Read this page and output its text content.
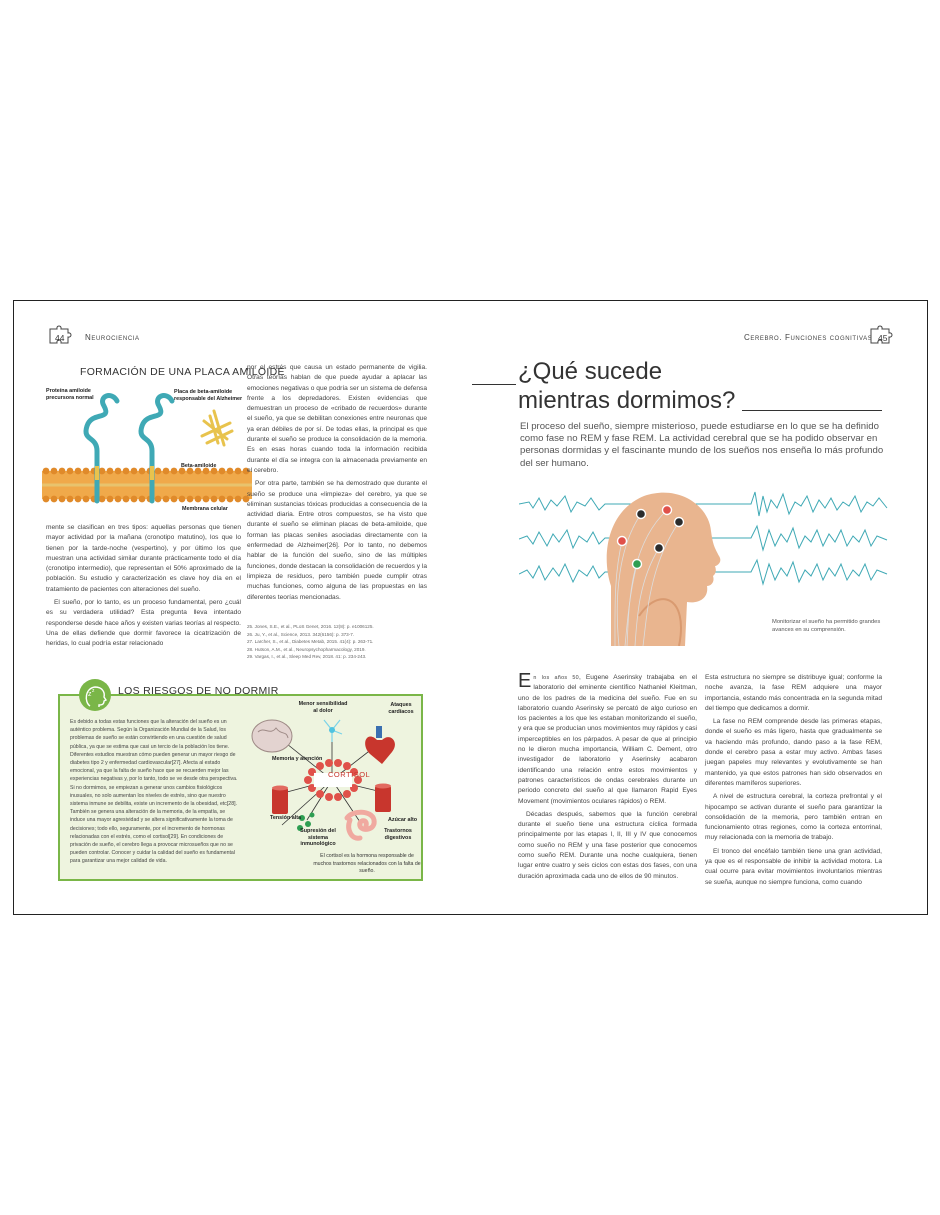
44	Neurociencia
FORMACIÓN DE UNA PLACA AMILOIDE
Proteína amiloide precursora normal
Placa de beta-amiloide responsable del Alzheimer
Beta-amiloide
Membrana celular

mente se clasifican en tres tipos: aquellas personas que tienen mayor actividad por la mañana (cronotipo matutino), los que lo tienen por la tarde-noche (vespertino), y por último los que muestran una actividad similar durante prácticamente todo el día (cronotipo intermedio), que representan el 50% aproximado de la población. Su estudio y caracterización es clave hoy día en el tratamiento de pacientes con alteraciones del sueño.

El sueño, por lo tanto, es un proceso fundamental, pero ¿cuál es su verdadera utilidad? Esta pregunta lleva intentado responderse desde hace años y existen varias teorías al respecto. Una de ellas defiende que dormir favorece la cicatrización de heridas, lo cual podría estar relacionado

por el estrés que causa un estado permanente de vigilia. Otras teorías hablan de que puede ayudar a aplacar las emociones negativas o que podría ser un sistema de defensa frente a los depredadores. Existen evidencias que demuestran un proceso de «cribado de recuerdos» durante el sueño, ya que se debilitan conexiones entre neuronas que ya eran débiles de por sí. De todas ellas, la principal es que durante el sueño se produce la consolidación de la memoria. Es en esas horas cuando toda la información recibida durante el día se integra con la almacenada previamente en el cerebro.

Por otra parte, también se ha demostrado que durante el sueño se produce una «limpieza» del cerebro, ya que se eliminan sustancias tóxicas producidas a consecuencia de la actividad diaria. Entre otros compuestos, se ha visto que durante el sueño se eliminan placas de beta-amiloide, que forman las placas seniles asociadas directamente con la enfermedad de Alzheimer[26]. Por lo tanto, no debemos hablar de la función del sueño, sino de las múltiples funciones, donde destacan la consolidación de recuerdos y la limpieza de residuos, pero también puede cumplir otras muchas funciones, como alguna de las propuestas en las diferentes teorías mencionadas.

25. Jones, S.E., et al., PLoS Genet, 2016. 12(8): p. e1006125.
26. Ju, Y., et al., Science, 2013. 342(6156): p. 373-7.
27. Larcher, S., et al., Diabetes Metab, 2015. 41(4): p. 263-71.
28. Hutson, A.M., et al., Neuropsychopharmacology, 2019.
29. Vargas, I., et al., Sleep Med Rev, 2018. 41: p. 234-243.
z z LOS RIESGOS DE NO DORMIR
Es debido a todas estas funciones que la alteración del sueño es un auténtico problema. Según la Organización Mundial de la Salud, los problemas de sueño se están convirtiendo en una cuestión de salud pública, ya que se estima que casi un tercio de la población los tiene. Diferentes estudios muestran cómo pueden generar un mayor riesgo de diabetes tipo 2 y enfermedad cardiovascular[27]. Afecta al estado emocional, ya que la falta de sueño hace que se recuerden mejor las experiencias negativas y, por lo tanto, todo se ve desde otra perspectiva. Si no dormimos, se empiezan a generar unos cambios fisiológicos inusuales, no solo aumentan los niveles de estrés, sino que nuestro sistema inmune se debilita, existe un incremento de la obesidad, etc[28]. También se genera una alteración de la memoria, de la empatía, se induce una mayor agresividad y se altera significativamente la toma de decisiones; todo ello, seguramente, por el incremento de hormonas relacionadas con el estrés, como el cortisol[29]. En condiciones de privación de sueño, el cerebro llega a provocar microsueños que no se pueden controlar. Conocer y cuidar la calidad del sueño es fundamental para garantizar una mejor calidad de vida.
CORTISOL
Menor sensibilidad al dolor
Ataques cardíacos
Memoria y atención
Azúcar alto
Tensión alta
Supresión del sistema inmunológico
Trastornos digestivos
El cortisol es la hormona responsable de muchos trastornos relacionados con la falta de sueño.
Cerebro. Funciones cognitivas 45
¿Qué sucede
mientras dormimos?
El proceso del sueño, siempre misterioso, puede estudiarse en lo que se ha definido como fase no REM y fase REM. La actividad cerebral que se ha podido observar en personas dormidas y el fascinante mundo de los sueños nos enseña lo más profundo del ser humano.
Monitorizar el sueño ha permitido grandes avances en su comprensión.

En los años 50, Eugene Aserinsky trabajaba en el laboratorio del eminente científico Nathaniel Kleitman, uno de los padres de la medicina del sueño. Fue en su laboratorio cuando Aserinsky se percató de algo curioso en los pacientes a los que les estaban monitorizando el sueño, y era que se producían unos movimientos muy rápidos y casi imperceptibles en los párpados. A pesar de que al principio no le dieron mucha importancia, William C. Dement, otro investigador de laboratorio y Aserinsky acabaron identificando una relación entre estos movimientos y patrones característicos de ondas cerebrales durante un periodo concreto del sueño al que llamaron Rapid Eyes Movement (movimientos oculares rápidos) o REM.

Décadas después, sabemos que la función cerebral durante el sueño tiene una estructura cíclica formada principalmente por las etapas I, II, III y IV que conocemos como sueño no REM y una fase posterior que conocemos como sueño REM. Durante una noche cualquiera, tienen lugar entre cuatro y seis ciclos con estas dos fases, con una duración aproximada cada uno de ellos de 90 minutos.

Esta estructura no siempre se distribuye igual; conforme la noche avanza, la fase REM adquiere una mayor importancia, estando más concentrada en la segunda mitad del tiempo que dedicamos a dormir.

La fase no REM comprende desde las primeras etapas, donde el sueño es más ligero, hasta que gradualmente se va haciendo más profundo, dando paso a la fase REM, donde el cerebro pasa a estar muy activo. Ambas fases juegan papeles muy relevantes y evolutivamente se han mantenido, ya que estos patrones han sido observados en diferentes mamíferos superiores.

A nivel de estructura cerebral, la corteza prefrontal y el hipocampo se activan durante el sueño para garantizar la consolidación de la memoria, pero también entran en funcionamiento otras regiones, como la corteza entorrinal, muy relacionada con la memoria de trabajo.

El tronco del encéfalo también tiene una gran actividad, ya que es el responsable de inhibir la actividad motora. La cual ocurre para evitar movimientos involuntarios mientras se sueña, aunque no siempre funciona, como cuando
